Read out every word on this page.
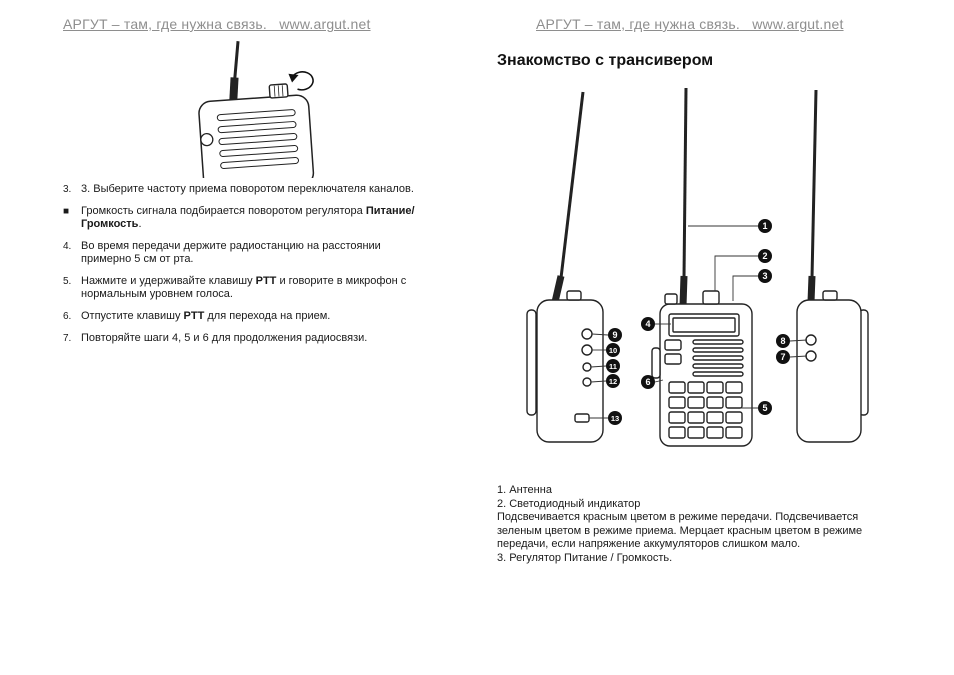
АРГУТ – там, где нужна связь.   www.argut.net	АРГУТ – там, где нужна связь.   www.argut.net
Знакомство с трансивером
3. 3. Выберите частоту приема поворотом переключателя каналов.
■	Громкость сигнала подбирается поворотом регулятора Питание/Громкость.
4. Во время передачи держите радиостанцию на расстоянии примерно 5 см от рта.
5. Нажмите и удерживайте клавишу PTT и говорите в микрофон с нормальным уровнем голоса.
6. Отпустите клавишу PTT для перехода на прием.
7. Повторяйте шаги 4, 5 и 6 для продолжения радиосвязи.
1
2
3
4
5
6
7
8
9
10
11
12
13
1. Антенна
2. Светодиодный индикатор
Подсвечивается красным цветом в режиме передачи. Подсвечивается зеленым цветом в режиме приема. Мерцает красным цветом в режиме передачи, если напряжение аккумуляторов слишком мало.
3. Регулятор Питание / Громкость.
